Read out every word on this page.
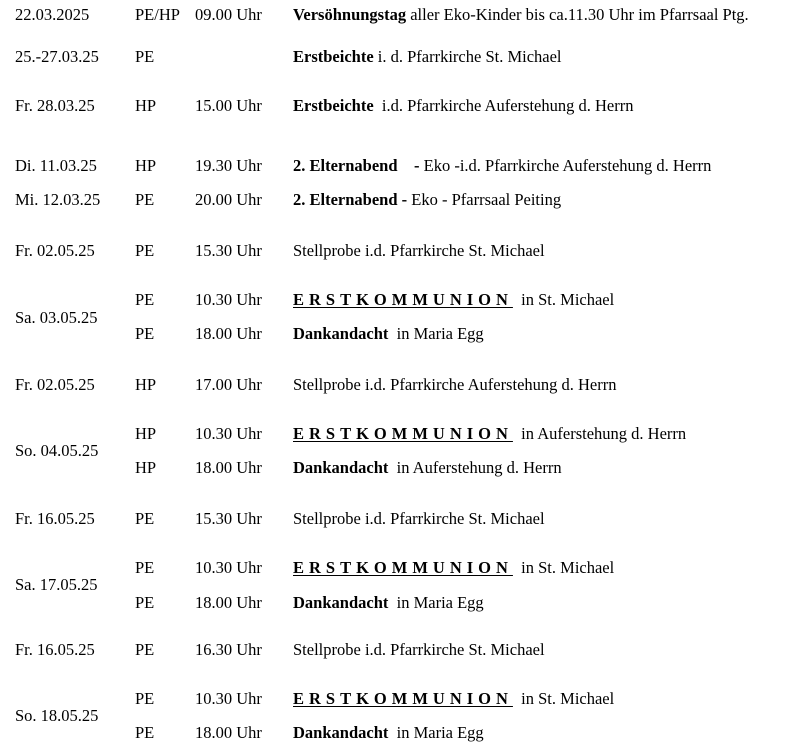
22.03.2025	PE/HP 09.00 Uhr Versöhnungstag aller Eko-Kinder bis ca.11.30 Uhr im Pfarrsaal Ptg.
25.-27.03.25 PE	Erstbeichte i. d. Pfarrkirche St. Michael
Fr. 28.03.25 HP 15.00 Uhr Erstbeichte  i.d. Pfarrkirche Auferstehung d. Herrn
Di. 11.03.25 HP 19.30 Uhr 2. Elternabend    - Eko -i.d. Pfarrkirche Auferstehung d. Herrn
Mi. 12.03.25 PE 20.00 Uhr 2. Elternabend - Eko - Pfarrsaal Peiting
Fr. 02.05.25 PE 15.30 Uhr Stellprobe i.d. Pfarrkirche St. Michael
Sa. 03.05.25
PE 10.30 Uhr ERSTKOMMUNION  in St. Michael
PE 18.00 Uhr Dankandacht  in Maria Egg
Fr. 02.05.25 HP 17.00 Uhr Stellprobe i.d. Pfarrkirche Auferstehung d. Herrn
So. 04.05.25
HP 10.30 Uhr ERSTKOMMUNION  in Auferstehung d. Herrn
HP 18.00 Uhr Dankandacht  in Auferstehung d. Herrn
Fr. 16.05.25 PE 15.30 Uhr Stellprobe i.d. Pfarrkirche St. Michael
Sa. 17.05.25
PE 10.30 Uhr ERSTKOMMUNION  in St. Michael
PE 18.00 Uhr Dankandacht  in Maria Egg
Fr. 16.05.25 PE 16.30 Uhr Stellprobe i.d. Pfarrkirche St. Michael
So. 18.05.25
PE 10.30 Uhr ERSTKOMMUNION  in St. Michael
PE 18.00 Uhr Dankandacht  in Maria Egg
